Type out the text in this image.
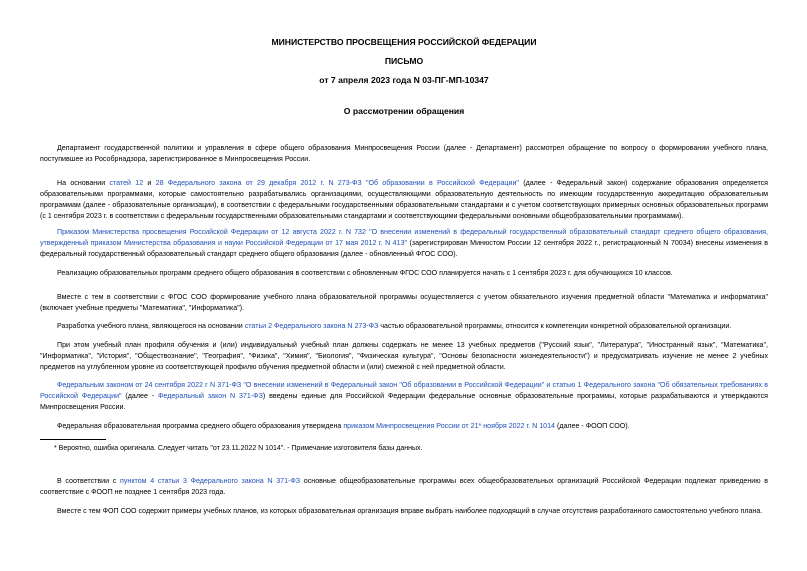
МИНИСТЕРСТВО ПРОСВЕЩЕНИЯ РОССИЙСКОЙ ФЕДЕРАЦИИ
ПИСЬМО
от 7 апреля 2023 года N 03-ПГ-МП-10347
О рассмотрении обращения
Департамент государственной политики и управления в сфере общего образования Минпросвещения России (далее - Департамент) рассмотрел обращение по вопросу о формировании учебного плана, поступившее из Рособрнадзора, зарегистрированное в Минпросвещения России.
На основании статей 12 и 28 Федерального закона от 29 декабря 2012 г. N 273-ФЗ "Об образовании в Российской Федерации" (далее - Федеральный закон) содержание образования определяется образовательными программами, которые самостоятельно разрабатывались организациями, осуществляющими образовательную деятельность по имеющим государственную аккредитацию образовательным программам (далее - образовательные организации), в соответствии с федеральными государственными образовательными стандартами и с учетом соответствующих примерных основных образовательных программ (с 1 сентября 2023 г. в соответствии с федеральным государственными образовательными стандартами и соответствующими федеральными основными общеобразовательными программами).
Приказом Министерства просвещения Российской Федерации от 12 августа 2022 г. N 732 "О внесении изменений в федеральный государственный образовательный стандарт среднего общего образования, утвержденный приказом Министерства образования и науки Российской Федерации от 17 мая 2012 г. N 413" (зарегистрирован Минюстом России 12 сентября 2022 г., регистрационный N 70034) внесены изменения в федеральный государственный образовательный стандарт среднего общего образования (далее - обновленный ФГОС СОО).
Реализацию образовательных программ среднего общего образования в соответствии с обновленным ФГОС СОО планируется начать с 1 сентября 2023 г. для обучающихся 10 классов.
Вместе с тем в соответствии с ФГОС СОО формирование учебного плана образовательной программы осуществляется с учетом обязательного изучения предметной области "Математика и информатика" (включает учебные предметы "Математика", "Информатика").
Разработка учебного плана, являющегося на основании статьи 2 Федерального закона N 273-ФЗ частью образовательной программы, относится к компетенции конкретной образовательной организации.
При этом учебный план профиля обучения и (или) индивидуальный учебный план должны содержать не менее 13 учебных предметов ("Русский язык", "Литература", "Иностранный язык", "Математика", "Информатика", "История", "Обществознание", "География", "Физика", "Химия", "Биология", "Физическая культура", "Основы безопасности жизнедеятельности") и предусматривать изучение не менее 2 учебных предметов на углубленном уровне из соответствующей профилю обучения предметной области и (или) смежной с ней предметной области.
Федеральным законом от 24 сентября 2022 г N 371-ФЗ "О внесении изменений в Федеральный закон "Об образовании в Российской Федерации" и статью 1 Федерального закона "Об обязательных требованиях в Российской Федерации" (далее - Федеральный закон N 371-ФЗ) введены единые для Российской Федерации федеральные основные образовательные программы, которые разрабатываются и утверждаются Минпросвещения России.
Федеральная образовательная программа среднего общего образования утверждена приказом Минпросвещения России от 21* ноября 2022 г. N 1014 (далее - ФООП СОО).
* Вероятно, ошибка оригинала. Следует читать "от 23.11.2022 N 1014". - Примечание изготовителя базы данных.
В соответствии с пунктом 4 статьи 3 Федерального закона N 371-ФЗ основные общеобразовательные программы всех общеобразовательных организаций Российской Федерации подлежат приведению в соответствие с ФООП не позднее 1 сентября 2023 года.
Вместе с тем ФОП СОО содержит примеры учебных планов, из которых образовательная организация вправе выбрать наиболее подходящий в случае отсутствия разработанного самостоятельно учебного плана.
